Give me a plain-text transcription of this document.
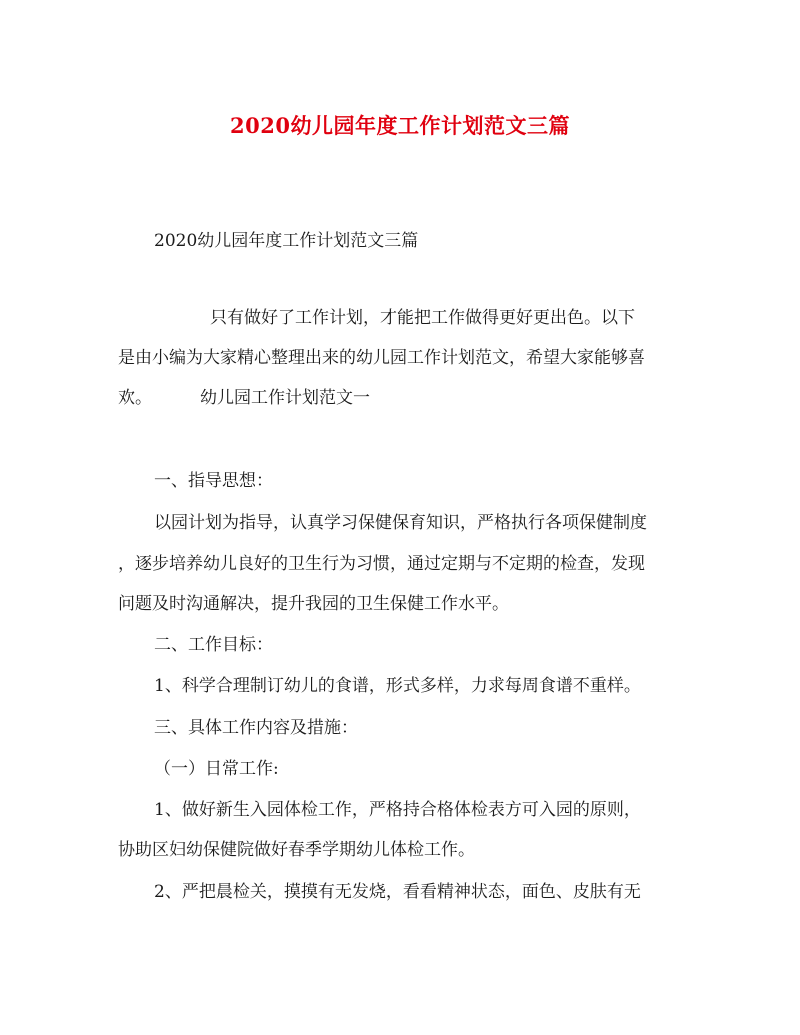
2020幼儿园年度工作计划范文三篇
2020幼儿园年度工作计划范文三篇
只有做好了工作计划，才能把工作做得更好更出色。以下
是由小编为大家精心整理出来的幼儿园工作计划范文，希望大家能够喜
欢。	幼儿园工作计划范文一
一、指导思想：
以园计划为指导，认真学习保健保育知识，严格执行各项保健制度
，逐步培养幼儿良好的卫生行为习惯，通过定期与不定期的检查，发现
问题及时沟通解决，提升我园的卫生保健工作水平。
二、工作目标：
1、科学合理制订幼儿的食谱，形式多样，力求每周食谱不重样。
三、具体工作内容及措施：
（一）日常工作:
1、做好新生入园体检工作，严格持合格体检表方可入园的原则，
协助区妇幼保健院做好春季学期幼儿体检工作。
2、严把晨检关，摸摸有无发烧，看看精神状态，面色、皮肤有无
